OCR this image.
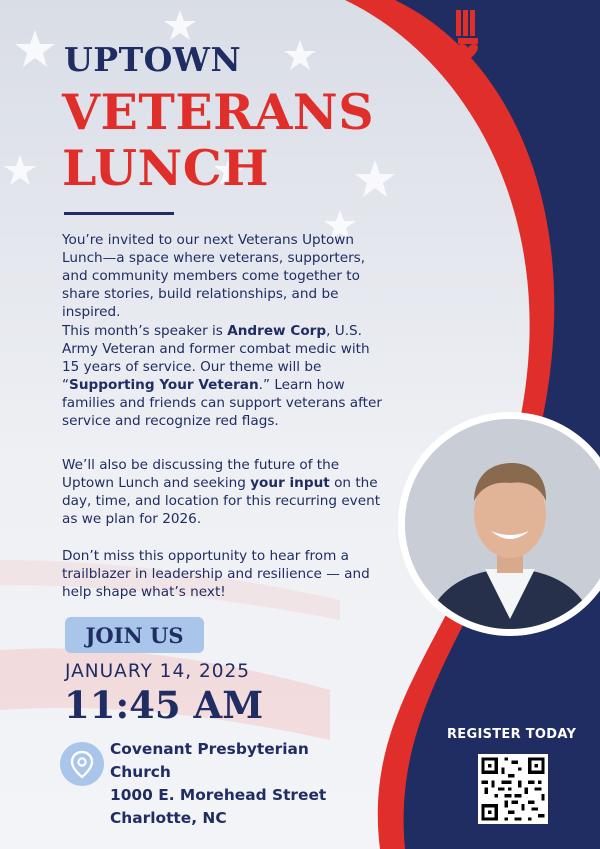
VBH
VETERANS BRIDGE HOME
UPTOWN
VETERANS
LUNCH
You’re invited to our next Veterans Uptown Lunch—a space where veterans, supporters, and community members come together to share stories, build relationships, and be inspired.
This month’s speaker is Andrew Corp, U.S. Army Veteran and former combat medic with 15 years of service. Our theme will be “Supporting Your Veteran.” Learn how families and friends can support veterans after service and recognize red flags.
We’ll also be discussing the future of the Uptown Lunch and seeking your input on the day, time, and location for this recurring event as we plan for 2026.
Don’t miss this opportunity to hear from a trailblazer in leadership and resilience — and help shape what’s next!
JOIN US
JANUARY 14, 2025
11:45 AM
Covenant Presbyterian
Church
1000 E. Morehead Street
Charlotte, NC
REGISTER TODAY
